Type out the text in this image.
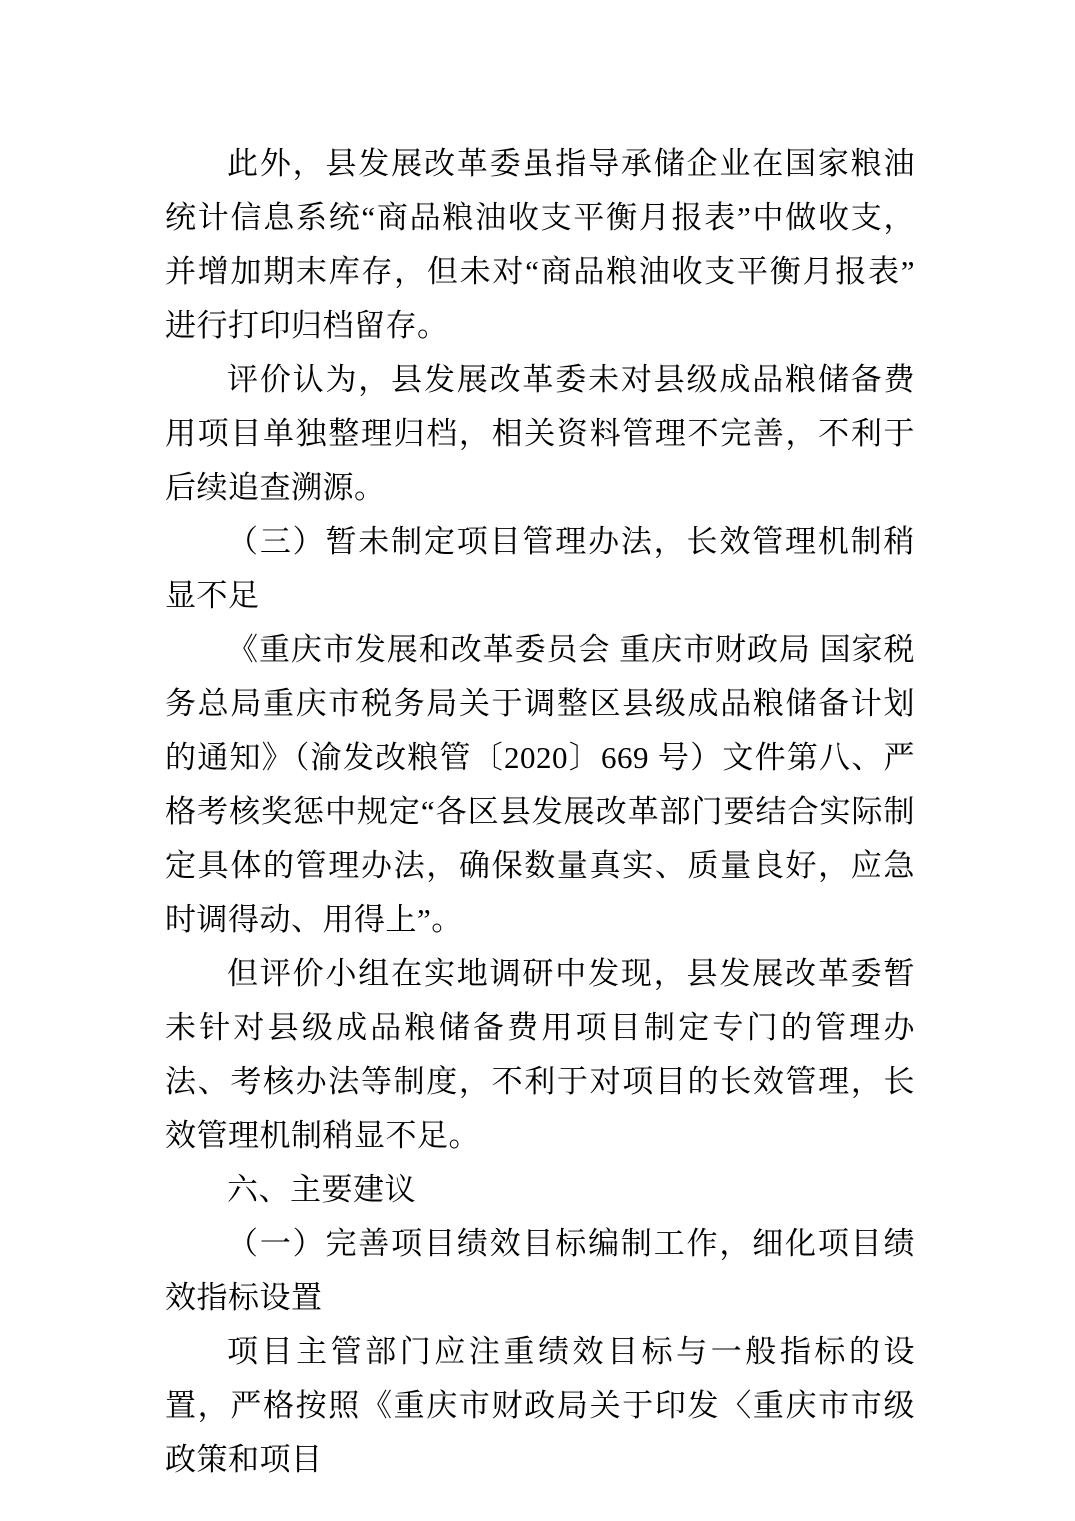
此外，县发展改革委虽指导承储企业在国家粮油统计信息系统“商品粮油收支平衡月报表”中做收支，并增加期末库存，但未对“商品粮油收支平衡月报表”进行打印归档留存。

评价认为，县发展改革委未对县级成品粮储备费用项目单独整理归档，相关资料管理不完善，不利于后续追查溯源。

（三）暂未制定项目管理办法，长效管理机制稍显不足

《重庆市发展和改革委员会 重庆市财政局 国家税务总局重庆市税务局关于调整区县级成品粮储备计划的通知》（渝发改粮管〔2020〕669 号）文件第八、严格考核奖惩中规定“各区县发展改革部门要结合实际制定具体的管理办法，确保数量真实、质量良好，应急时调得动、用得上”。

但评价小组在实地调研中发现，县发展改革委暂未针对县级成品粮储备费用项目制定专门的管理办法、考核办法等制度，不利于对项目的长效管理，长效管理机制稍显不足。

六、主要建议

（一）完善项目绩效目标编制工作，细化项目绩效指标设置

项目主管部门应注重绩效目标与一般指标的设置，严格按照《重庆市财政局关于印发〈重庆市市级政策和项目
